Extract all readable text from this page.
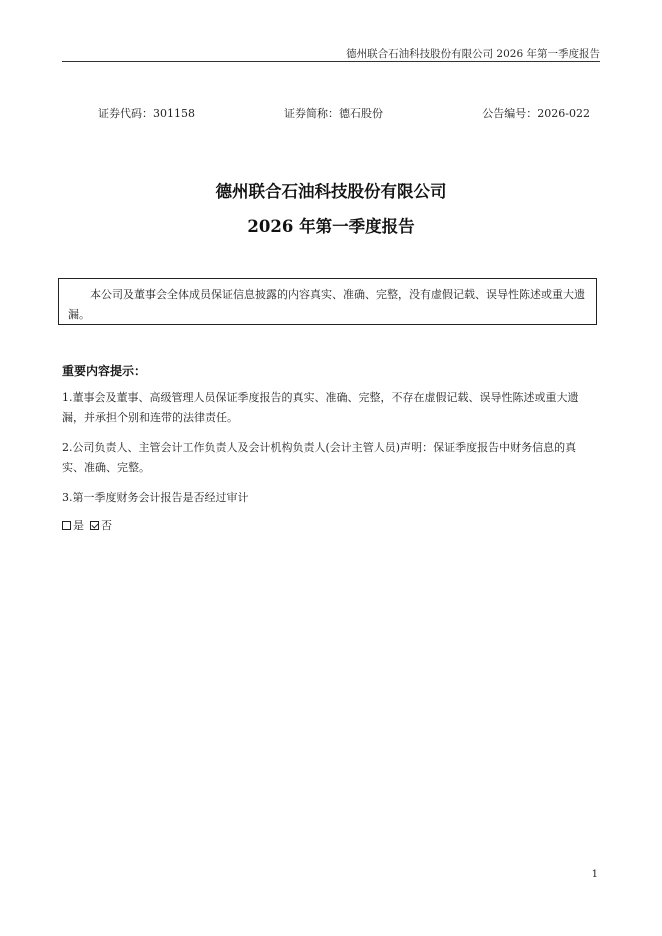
德州联合石油科技股份有限公司 2026 年第一季度报告
证券代码：301158	证券简称：德石股份	公告编号：2026-022
德州联合石油科技股份有限公司
2026 年第一季度报告

本公司及董事会全体成员保证信息披露的内容真实、准确、完整，没有虚假记载、误导性陈述或重大遗漏。

重要内容提示：

1.董事会及董事、高级管理人员保证季度报告的真实、准确、完整，不存在虚假记载、误导性陈述或重大遗漏，并承担个别和连带的法律责任。

2.公司负责人、主管会计工作负责人及会计机构负责人(会计主管人员)声明：保证季度报告中财务信息的真实、准确、完整。

3.第一季度财务会计报告是否经过审计

是 否
1
